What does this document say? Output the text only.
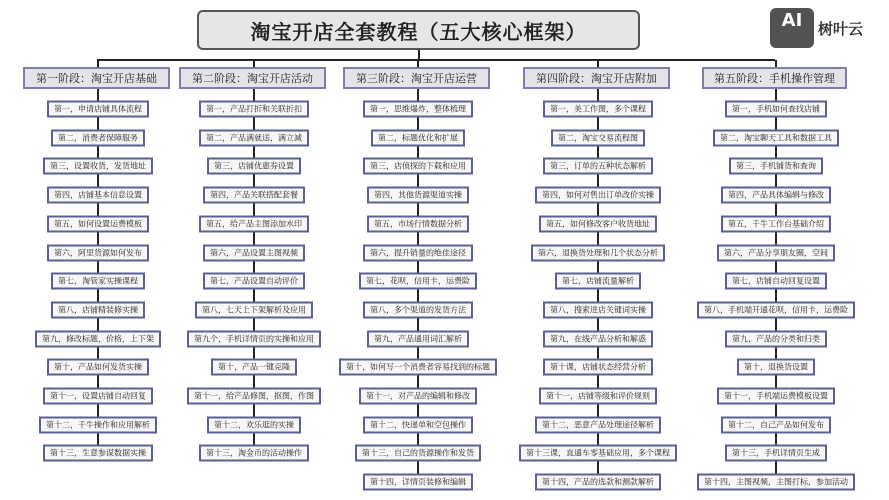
淘宝开店全套教程（五大核心框架）
第一阶段：淘宝开店基础
第一，申请店铺具体流程
第二，消费者保障服务
第三，设置收货，发货地址
第四，店铺基本信息设置
第五，如何设置运费模板
第六，阿里货源如何发布
第七，淘管家实操课程
第八，店铺精装修实操
第九，修改标题，价格，上下架
第十，产品如何发货实操
第十一，设置店铺自动回复
第十二，千牛操作和应用解析
第十三，生意参谋数据实操
第二阶段：淘宝开店活动
第一，产品打折和关联折扣
第二，产品满就送，满立减
第三，店铺优惠券设置
第四，产品关联搭配套餐
第五，给产品主图添加水印
第六，产品设置主图视频
第七，产品设置自动评价
第八，七天上下架解析及应用
第九个，手机详情页的实操和应用
第十，产品一键克隆
第十一，给产品修图，抠图，作图
第十二，欢乐逛的实操
第十三，淘金币的活动操作
第三阶段：淘宝开店运营
第一，思维爆炸，整体梳理
第二，标题优化和扩展
第三，店侦探的下载和应用
第四，其他货源渠道实操
第五，市场行情数据分析
第六，提升销量的绝佳途径
第七，花呗，信用卡，运费险
第八，多个渠道的发货方法
第九，产品通用词汇解析
第十，如何写一个消费者容易找到的标题
第十一，对产品的编辑和修改
第十二，快递单和空包操作
第十三，自己的货源操作和发货
第十四，详情页装修和编辑
第四阶段：淘宝开店附加
第一，美工作图，多个课程
第二，淘宝交易流程图
第三，订单的五种状态解析
第四，如何对售出订单改价实操
第五，如何修改客户收货地址
第六，退换货处理和几个状态分析
第七，店铺流量解析
第八，搜索进店关键词实操
第九，在线产品分析和解惑
第十课，店铺状态经营分析
第十一，店铺等级和评价规则
第十二，恶意产品处理途径解析
第十三课，直通车零基础应用，多个课程
第十四，产品的选款和测款解析
第五阶段：手机操作管理
第一，手机如何查找店铺
第二，淘宝聊天工具和数据工具
第三，手机铺货和查询
第四，产品具体编辑与修改
第五，千牛工作台基础介绍
第六，产品分享朋友圈，空间
第七，店铺自动回复设置
第八，手机端开通花呗，信用卡，运费险
第九，产品的分类和归类
第十，退换货设置
第十一，手机端运费模板设置
第十二，自己产品如何发布
第十三，手机详情页生成
第十四，主图视频，主图打标，参加活动
AI	树叶云
